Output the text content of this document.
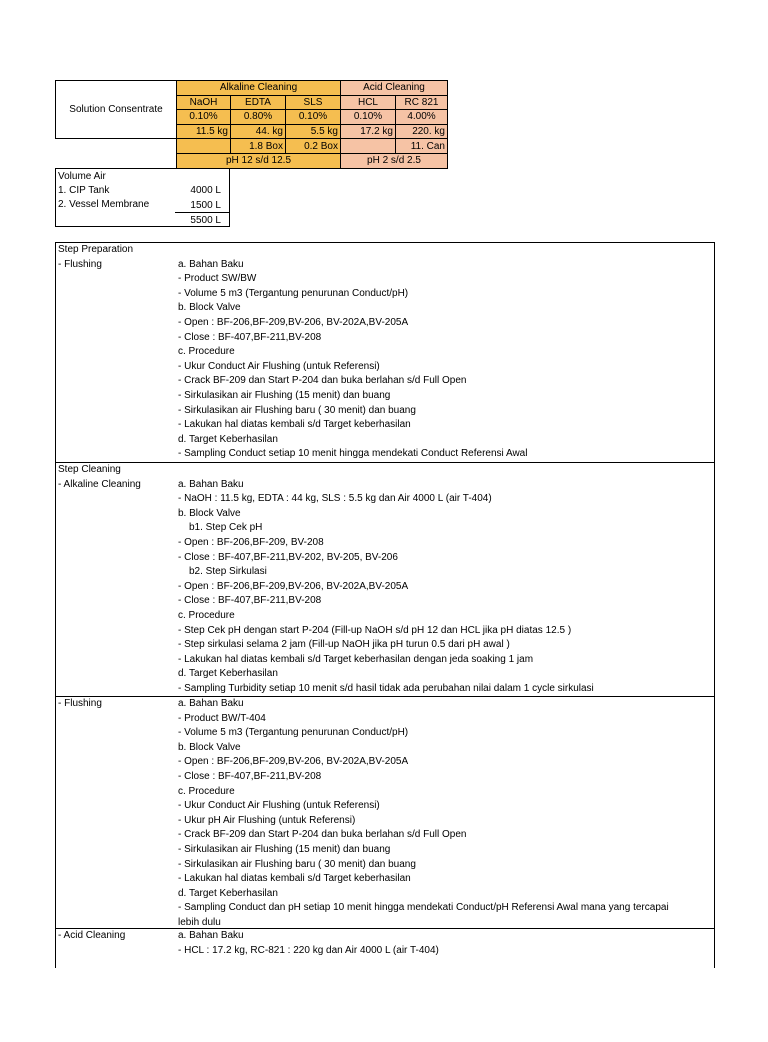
Solution Consentrate	Alkaline Cleaning			Acid Cleaning	
	NaOH	EDTA	SLS	HCL	RC 821
	0.10%	0.80%	0.10%	0.10%	4.00%
	11.5 kg	44. kg	5.5 kg	17.2 kg	220. kg
		1.8 Box	0.2 Box		11. Can
	pH 12 s/d 12.5			pH 2 s/d 2.5	
Volume Air
1. CIP Tank	4000 L
2. Vessel Membrane	1500 L
5500 L
Step Preparation
- Flushing	a. Bahan Baku
- Product SW/BW
- Volume 5 m3 (Tergantung penurunan Conduct/pH)
b. Block Valve
- Open : BF-206,BF-209,BV-206, BV-202A,BV-205A
- Close : BF-407,BF-211,BV-208
c. Procedure
- Ukur Conduct Air Flushing (untuk Referensi)
- Crack BF-209 dan Start P-204 dan buka berlahan s/d Full Open
- Sirkulasikan air Flushing (15 menit) dan buang
- Sirkulasikan air Flushing baru ( 30 menit) dan buang
- Lakukan hal diatas kembali s/d Target keberhasilan
d. Target Keberhasilan
- Sampling Conduct setiap 10 menit hingga mendekati Conduct Referensi Awal
Step Cleaning
- Alkaline Cleaning	a. Bahan Baku
- NaOH : 11.5 kg, EDTA : 44 kg, SLS : 5.5 kg dan Air 4000 L (air T-404)
b. Block Valve
b1. Step Cek pH
- Open : BF-206,BF-209, BV-208
- Close : BF-407,BF-211,BV-202, BV-205, BV-206
b2. Step Sirkulasi
- Open : BF-206,BF-209,BV-206, BV-202A,BV-205A
- Close : BF-407,BF-211,BV-208
c. Procedure
- Step Cek pH dengan start P-204 (Fill-up NaOH s/d pH 12 dan HCL jika pH diatas 12.5 )
- Step sirkulasi selama 2 jam (Fill-up NaOH jika pH turun 0.5 dari pH awal )
- Lakukan hal diatas kembali s/d Target keberhasilan dengan jeda soaking 1 jam
d. Target Keberhasilan
- Sampling Turbidity setiap 10 menit s/d hasil tidak ada perubahan nilai dalam 1 cycle sirkulasi
- Flushing	a. Bahan Baku
- Product BW/T-404
- Volume 5 m3 (Tergantung penurunan Conduct/pH)
b. Block Valve
- Open : BF-206,BF-209,BV-206, BV-202A,BV-205A
- Close : BF-407,BF-211,BV-208
c. Procedure
- Ukur Conduct Air Flushing (untuk Referensi)
- Ukur pH Air Flushing (untuk Referensi)
- Crack BF-209 dan Start P-204 dan buka berlahan s/d Full Open
- Sirkulasikan air Flushing (15 menit) dan buang
- Sirkulasikan air Flushing baru ( 30 menit) dan buang
- Lakukan hal diatas kembali s/d Target keberhasilan
d. Target Keberhasilan
- Sampling Conduct dan pH setiap 10 menit hingga mendekati Conduct/pH Referensi Awal mana yang tercapai
lebih dulu
- Acid Cleaning	a. Bahan Baku
- HCL : 17.2 kg, RC-821 : 220 kg dan Air 4000 L (air T-404)
